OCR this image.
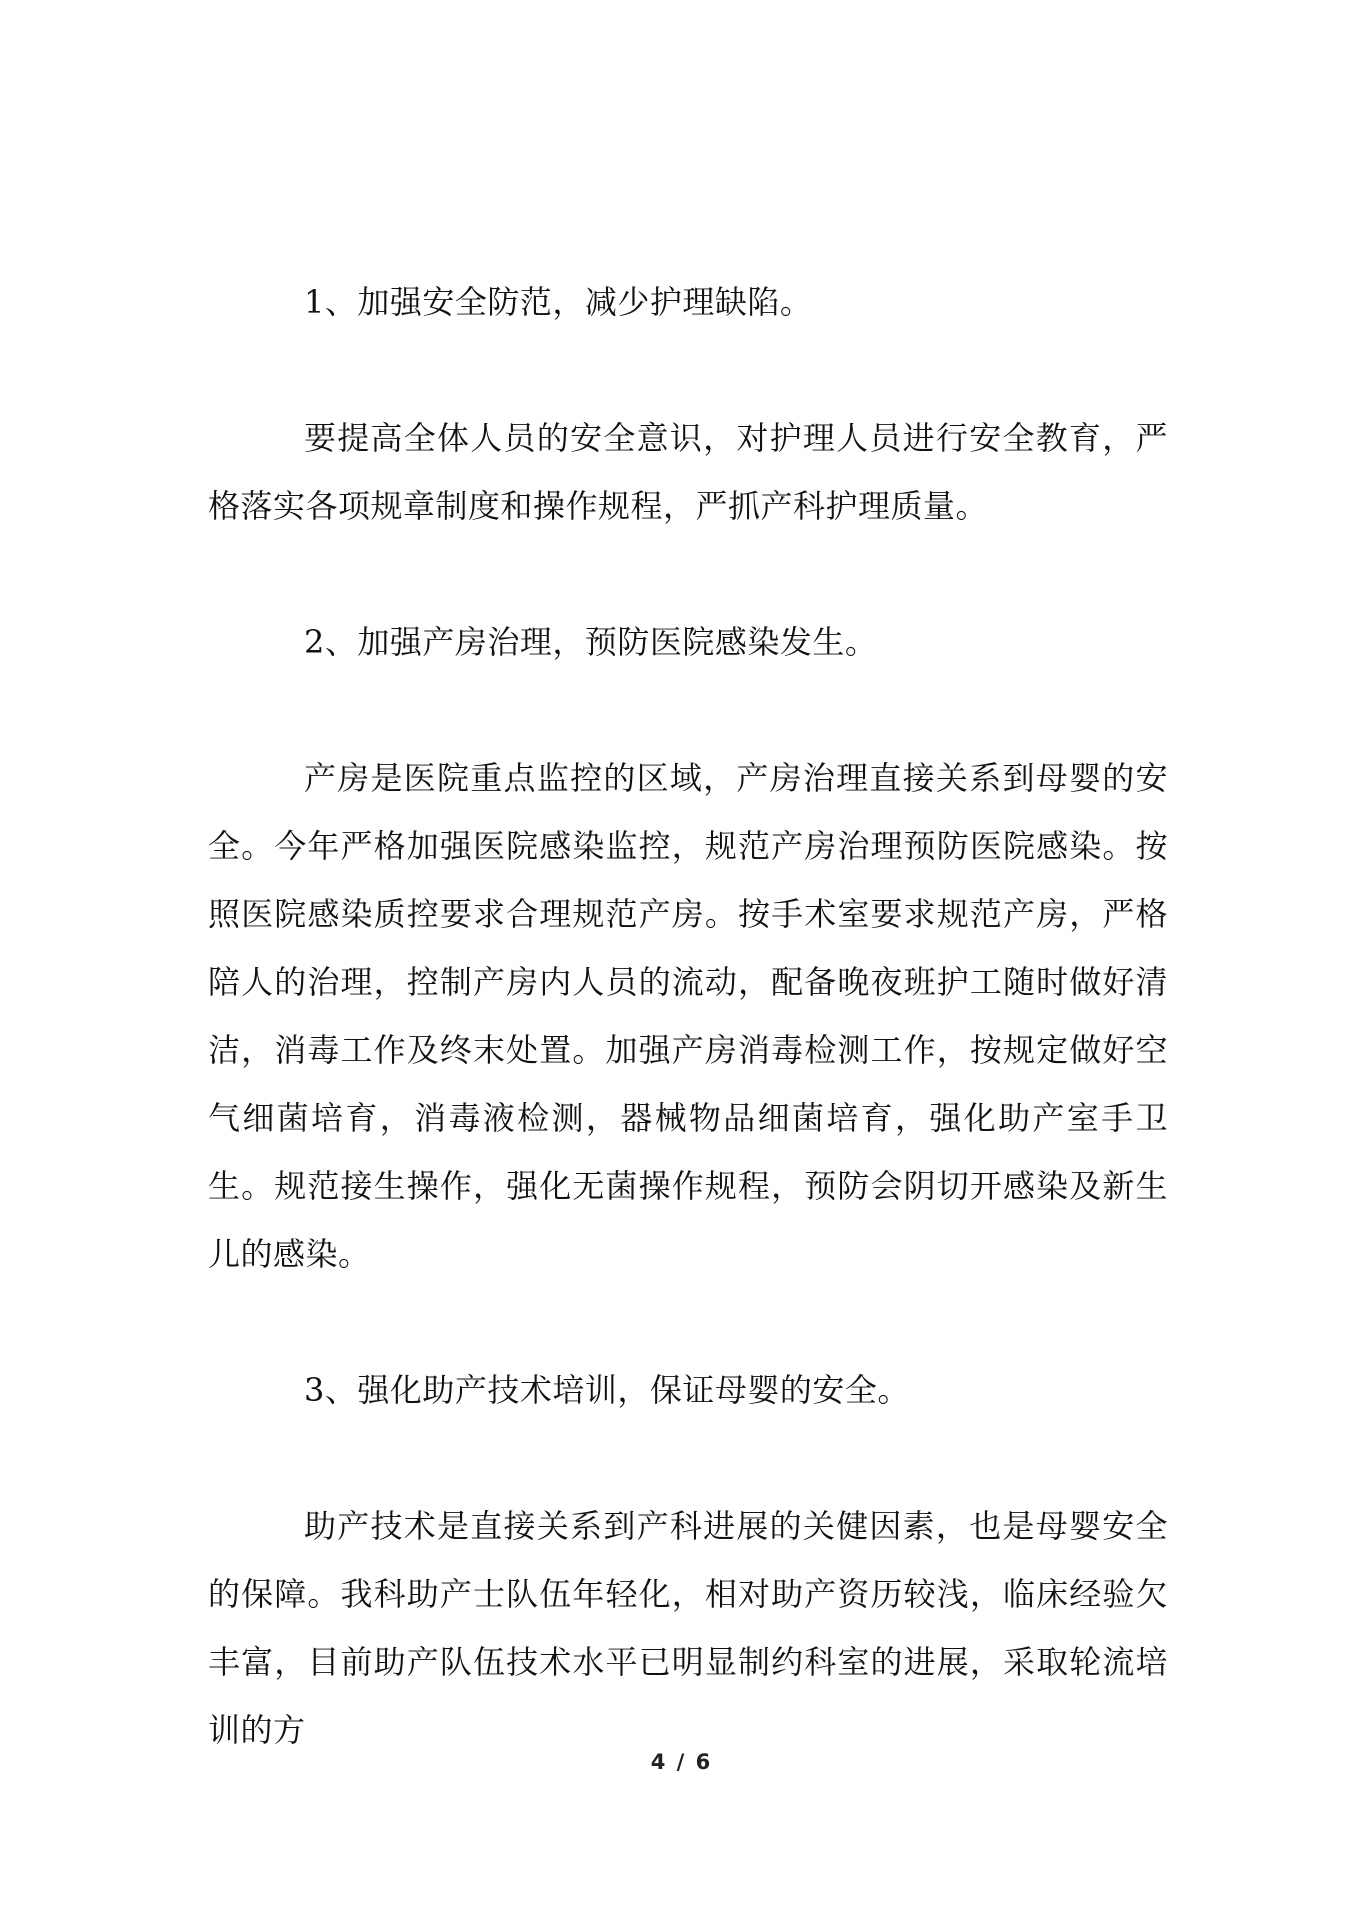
1、加强安全防范，减少护理缺陷。

要提高全体人员的安全意识，对护理人员进行安全教育，严格落实各项规章制度和操作规程，严抓产科护理质量。

2、加强产房治理，预防医院感染发生。

产房是医院重点监控的区域，产房治理直接关系到母婴的安全。今年严格加强医院感染监控，规范产房治理预防医院感染。按照医院感染质控要求合理规范产房。按手术室要求规范产房，严格陪人的治理，控制产房内人员的流动，配备晚夜班护工随时做好清洁，消毒工作及终末处置。加强产房消毒检测工作，按规定做好空气细菌培育，消毒液检测，器械物品细菌培育，强化助产室手卫生。规范接生操作，强化无菌操作规程，预防会阴切开感染及新生儿的感染。

3、强化助产技术培训，保证母婴的安全。

助产技术是直接关系到产科进展的关健因素，也是母婴安全的保障。我科助产士队伍年轻化，相对助产资历较浅，临床经验欠丰富，目前助产队伍技术水平已明显制约科室的进展，采取轮流培训的方

4 / 6
